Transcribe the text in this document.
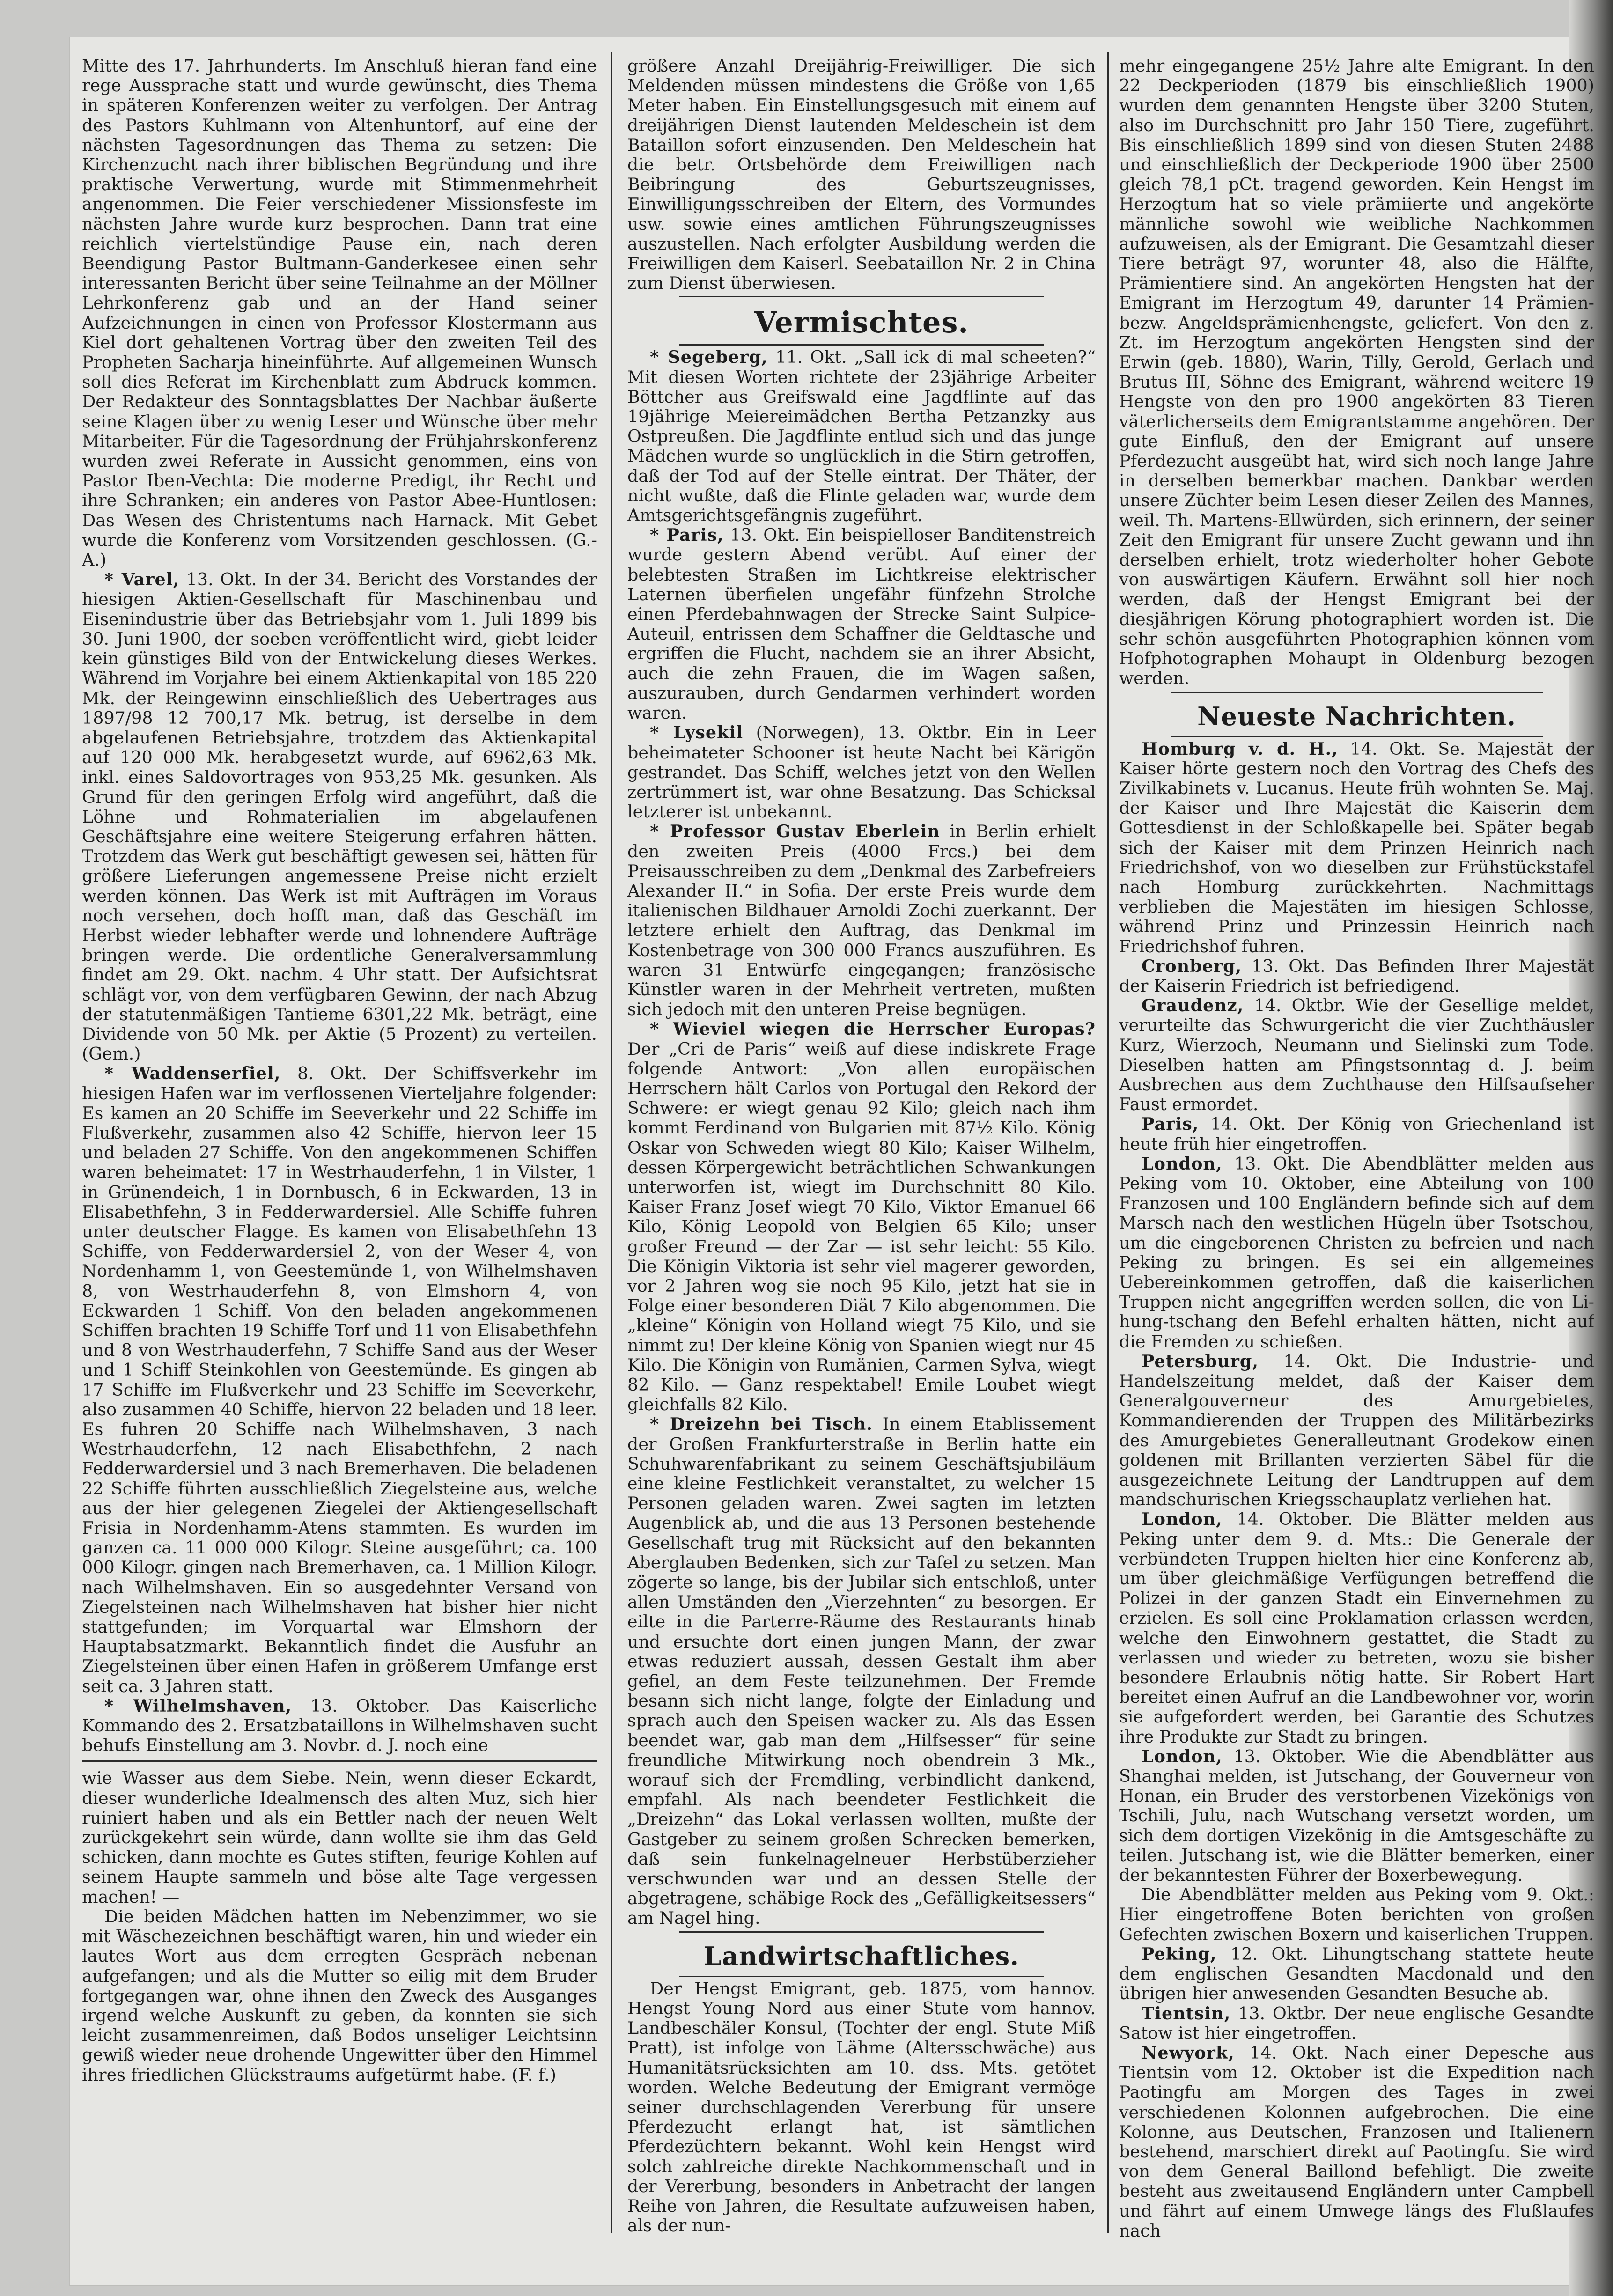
Mitte des 17. Jahrhunderts. Im Anschluß hieran fand eine rege Aussprache statt und wurde gewünscht, dies Thema in späteren Konferenzen weiter zu verfolgen. Der Antrag des Pastors Kuhlmann von Altenhuntorf, auf eine der nächsten Tagesordnungen das Thema zu setzen: Die Kirchenzucht nach ihrer biblischen Begründung und ihre praktische Verwertung, wurde mit Stimmenmehrheit angenommen. Die Feier verschiedener Missionsfeste im nächsten Jahre wurde kurz besprochen. Dann trat eine reichlich viertelstündige Pause ein, nach deren Beendigung Pastor Bultmann-Ganderkesee einen sehr interessanten Bericht über seine Teilnahme an der Möllner Lehrkonferenz gab und an der Hand seiner Aufzeichnungen in einen von Professor Klostermann aus Kiel dort gehaltenen Vortrag über den zweiten Teil des Propheten Sacharja hineinführte. Auf allgemeinen Wunsch soll dies Referat im Kirchenblatt zum Abdruck kommen. Der Redakteur des Sonntagsblattes Der Nachbar äußerte seine Klagen über zu wenig Leser und Wünsche über mehr Mitarbeiter. Für die Tagesordnung der Frühjahrskonferenz wurden zwei Referate in Aussicht genommen, eins von Pastor Iben-Vechta: Die moderne Predigt, ihr Recht und ihre Schranken; ein anderes von Pastor Abee-Huntlosen: Das Wesen des Christentums nach Harnack. Mit Gebet wurde die Konferenz vom Vorsitzenden geschlossen. (G.-A.)

* Varel, 13. Okt. In der 34. Bericht des Vorstandes der hiesigen Aktien-Gesellschaft für Maschinenbau und Eisenindustrie über das Betriebsjahr vom 1. Juli 1899 bis 30. Juni 1900, der soeben veröffentlicht wird, giebt leider kein günstiges Bild von der Entwickelung dieses Werkes. Während im Vorjahre bei einem Aktienkapital von 185 220 Mk. der Reingewinn einschließlich des Uebertrages aus 1897/98 12 700,17 Mk. betrug, ist derselbe in dem abgelaufenen Betriebsjahre, trotzdem das Aktienkapital auf 120 000 Mk. herabgesetzt wurde, auf 6962,63 Mk. inkl. eines Saldovortrages von 953,25 Mk. gesunken. Als Grund für den geringen Erfolg wird angeführt, daß die Löhne und Rohmaterialien im abgelaufenen Geschäftsjahre eine weitere Steigerung erfahren hätten. Trotzdem das Werk gut beschäftigt gewesen sei, hätten für größere Lieferungen angemessene Preise nicht erzielt werden können. Das Werk ist mit Aufträgen im Voraus noch versehen, doch hofft man, daß das Geschäft im Herbst wieder lebhafter werde und lohnendere Aufträge bringen werde. Die ordentliche Generalversammlung findet am 29. Okt. nachm. 4 Uhr statt. Der Aufsichtsrat schlägt vor, von dem verfügbaren Gewinn, der nach Abzug der statutenmäßigen Tantieme 6301,22 Mk. beträgt, eine Dividende von 50 Mk. per Aktie (5 Prozent) zu verteilen. (Gem.)

* Waddenserfiel, 8. Okt. Der Schiffsverkehr im hiesigen Hafen war im verflossenen Vierteljahre folgender: Es kamen an 20 Schiffe im Seeverkehr und 22 Schiffe im Flußverkehr, zusammen also 42 Schiffe, hiervon leer 15 und beladen 27 Schiffe. Von den angekommenen Schiffen waren beheimatet: 17 in Westrhauderfehn, 1 in Vilster, 1 in Grünendeich, 1 in Dornbusch, 6 in Eckwarden, 13 in Elisabethfehn, 3 in Fedderwardersiel. Alle Schiffe fuhren unter deutscher Flagge. Es kamen von Elisabethfehn 13 Schiffe, von Fedderwardersiel 2, von der Weser 4, von Nordenhamm 1, von Geestemünde 1, von Wilhelmshaven 8, von Westrhauderfehn 8, von Elmshorn 4, von Eckwarden 1 Schiff. Von den beladen angekommenen Schiffen brachten 19 Schiffe Torf und 11 von Elisabethfehn und 8 von Westrhauderfehn, 7 Schiffe Sand aus der Weser und 1 Schiff Steinkohlen von Geestemünde. Es gingen ab 17 Schiffe im Flußverkehr und 23 Schiffe im Seeverkehr, also zusammen 40 Schiffe, hiervon 22 beladen und 18 leer. Es fuhren 20 Schiffe nach Wilhelmshaven, 3 nach Westrhauderfehn, 12 nach Elisabethfehn, 2 nach Fedderwardersiel und 3 nach Bremerhaven. Die beladenen 22 Schiffe führten ausschließlich Ziegelsteine aus, welche aus der hier gelegenen Ziegelei der Aktiengesellschaft Frisia in Nordenhamm-Atens stammten. Es wurden im ganzen ca. 11 000 000 Kilogr. Steine ausgeführt; ca. 100 000 Kilogr. gingen nach Bremerhaven, ca. 1 Million Kilogr. nach Wilhelmshaven. Ein so ausgedehnter Versand von Ziegelsteinen nach Wilhelmshaven hat bisher hier nicht stattgefunden; im Vorquartal war Elmshorn der Hauptabsatzmarkt. Bekanntlich findet die Ausfuhr an Ziegelsteinen über einen Hafen in größerem Umfange erst seit ca. 3 Jahren statt.

* Wilhelmshaven, 13. Oktober. Das Kaiserliche Kommando des 2. Ersatzbataillons in Wilhelmshaven sucht behufs Einstellung am 3. Novbr. d. J. noch eine

wie Wasser aus dem Siebe. Nein, wenn dieser Eckardt, dieser wunderliche Idealmensch des alten Muz, sich hier ruiniert haben und als ein Bettler nach der neuen Welt zurückgekehrt sein würde, dann wollte sie ihm das Geld schicken, dann mochte es Gutes stiften, feurige Kohlen auf seinem Haupte sammeln und böse alte Tage vergessen machen! —

Die beiden Mädchen hatten im Nebenzimmer, wo sie mit Wäschezeichnen beschäftigt waren, hin und wieder ein lautes Wort aus dem erregten Gespräch nebenan aufgefangen; und als die Mutter so eilig mit dem Bruder fortgegangen war, ohne ihnen den Zweck des Ausganges irgend welche Auskunft zu geben, da konnten sie sich leicht zusammenreimen, daß Bodos unseliger Leichtsinn gewiß wieder neue drohende Ungewitter über den Himmel ihres friedlichen Glückstraums aufgetürmt habe. (F. f.)

größere Anzahl Dreijährig-Freiwilliger. Die sich Meldenden müssen mindestens die Größe von 1,65 Meter haben. Ein Einstellungsgesuch mit einem auf dreijährigen Dienst lautenden Meldeschein ist dem Bataillon sofort einzusenden. Den Meldeschein hat die betr. Ortsbehörde dem Freiwilligen nach Beibringung des Geburtszeugnisses, Einwilligungsschreiben der Eltern, des Vormundes usw. sowie eines amtlichen Führungszeugnisses auszustellen. Nach erfolgter Ausbildung werden die Freiwilligen dem Kaiserl. Seebataillon Nr. 2 in China zum Dienst überwiesen.

Vermischtes.

* Segeberg, 11. Okt. „Sall ick di mal scheeten?“ Mit diesen Worten richtete der 23jährige Arbeiter Böttcher aus Greifswald eine Jagdflinte auf das 19jährige Meiereimädchen Bertha Petzanzky aus Ostpreußen. Die Jagdflinte entlud sich und das junge Mädchen wurde so unglücklich in die Stirn getroffen, daß der Tod auf der Stelle eintrat. Der Thäter, der nicht wußte, daß die Flinte geladen war, wurde dem Amtsgerichtsgefängnis zugeführt.

* Paris, 13. Okt. Ein beispielloser Banditenstreich wurde gestern Abend verübt. Auf einer der belebtesten Straßen im Lichtkreise elektrischer Laternen überfielen ungefähr fünfzehn Strolche einen Pferdebahnwagen der Strecke Saint Sulpice-Auteuil, entrissen dem Schaffner die Geldtasche und ergriffen die Flucht, nachdem sie an ihrer Absicht, auch die zehn Frauen, die im Wagen saßen, auszurauben, durch Gendarmen verhindert worden waren.

* Lysekil (Norwegen), 13. Oktbr. Ein in Leer beheimateter Schooner ist heute Nacht bei Kärigön gestrandet. Das Schiff, welches jetzt von den Wellen zertrümmert ist, war ohne Besatzung. Das Schicksal letzterer ist unbekannt.

* Professor Gustav Eberlein in Berlin erhielt den zweiten Preis (4000 Frcs.) bei dem Preisausschreiben zu dem „Denkmal des Zarbefreiers Alexander II.“ in Sofia. Der erste Preis wurde dem italienischen Bildhauer Arnoldi Zochi zuerkannt. Der letztere erhielt den Auftrag, das Denkmal im Kostenbetrage von 300 000 Francs auszuführen. Es waren 31 Entwürfe eingegangen; französische Künstler waren in der Mehrheit vertreten, mußten sich jedoch mit den unteren Preise begnügen.

* Wieviel wiegen die Herrscher Europas? Der „Cri de Paris“ weiß auf diese indiskrete Frage folgende Antwort: „Von allen europäischen Herrschern hält Carlos von Portugal den Rekord der Schwere: er wiegt genau 92 Kilo; gleich nach ihm kommt Ferdinand von Bulgarien mit 87½ Kilo. König Oskar von Schweden wiegt 80 Kilo; Kaiser Wilhelm, dessen Körpergewicht beträchtlichen Schwankungen unterworfen ist, wiegt im Durchschnitt 80 Kilo. Kaiser Franz Josef wiegt 70 Kilo, Viktor Emanuel 66 Kilo, König Leopold von Belgien 65 Kilo; unser großer Freund — der Zar — ist sehr leicht: 55 Kilo. Die Königin Viktoria ist sehr viel magerer geworden, vor 2 Jahren wog sie noch 95 Kilo, jetzt hat sie in Folge einer besonderen Diät 7 Kilo abgenommen. Die „kleine“ Königin von Holland wiegt 75 Kilo, und sie nimmt zu! Der kleine König von Spanien wiegt nur 45 Kilo. Die Königin von Rumänien, Carmen Sylva, wiegt 82 Kilo. — Ganz respektabel! Emile Loubet wiegt gleichfalls 82 Kilo.

* Dreizehn bei Tisch. In einem Etablissement der Großen Frankfurterstraße in Berlin hatte ein Schuhwarenfabrikant zu seinem Geschäftsjubiläum eine kleine Festlichkeit veranstaltet, zu welcher 15 Personen geladen waren. Zwei sagten im letzten Augenblick ab, und die aus 13 Personen bestehende Gesellschaft trug mit Rücksicht auf den bekannten Aberglauben Bedenken, sich zur Tafel zu setzen. Man zögerte so lange, bis der Jubilar sich entschloß, unter allen Umständen den „Vierzehnten“ zu besorgen. Er eilte in die Parterre-Räume des Restaurants hinab und ersuchte dort einen jungen Mann, der zwar etwas reduziert aussah, dessen Gestalt ihm aber gefiel, an dem Feste teilzunehmen. Der Fremde besann sich nicht lange, folgte der Einladung und sprach auch den Speisen wacker zu. Als das Essen beendet war, gab man dem „Hilfsesser“ für seine freundliche Mitwirkung noch obendrein 3 Mk., worauf sich der Fremdling, verbindlicht dankend, empfahl. Als nach beendeter Festlichkeit die „Dreizehn“ das Lokal verlassen wollten, mußte der Gastgeber zu seinem großen Schrecken bemerken, daß sein funkelnagelneuer Herbstüberzieher verschwunden war und an dessen Stelle der abgetragene, schäbige Rock des „Gefälligkeitsessers“ am Nagel hing.

Landwirtschaftliches.

Der Hengst Emigrant, geb. 1875, vom hannov. Hengst Young Nord aus einer Stute vom hannov. Landbeschäler Konsul, (Tochter der engl. Stute Miß Pratt), ist infolge von Lähme (Altersschwäche) aus Humanitätsrücksichten am 10. dss. Mts. getötet worden. Welche Bedeutung der Emigrant vermöge seiner durchschlagenden Vererbung für unsere Pferdezucht erlangt hat, ist sämtlichen Pferdezüchtern bekannt. Wohl kein Hengst wird solch zahlreiche direkte Nachkommenschaft und in der Vererbung, besonders in Anbetracht der langen Reihe von Jahren, die Resultate aufzuweisen haben, als der nun-

mehr eingegangene 25½ Jahre alte Emigrant. In den 22 Deckperioden (1879 bis einschließlich 1900) wurden dem genannten Hengste über 3200 Stuten, also im Durchschnitt pro Jahr 150 Tiere, zugeführt. Bis einschließlich 1899 sind von diesen Stuten 2488 und einschließlich der Deckperiode 1900 über 2500 gleich 78,1 pCt. tragend geworden. Kein Hengst im Herzogtum hat so viele prämiierte und angekörte männliche sowohl wie weibliche Nachkommen aufzuweisen, als der Emigrant. Die Gesamtzahl dieser Tiere beträgt 97, worunter 48, also die Hälfte, Prämientiere sind. An angekörten Hengsten hat der Emigrant im Herzogtum 49, darunter 14 Prämien- bezw. Angeldsprämienhengste, geliefert. Von den z. Zt. im Herzogtum angekörten Hengsten sind der Erwin (geb. 1880), Warin, Tilly, Gerold, Gerlach und Brutus III, Söhne des Emigrant, während weitere 19 Hengste von den pro 1900 angekörten 83 Tieren väterlicherseits dem Emigrantstamme angehören. Der gute Einfluß, den der Emigrant auf unsere Pferdezucht ausgeübt hat, wird sich noch lange Jahre in derselben bemerkbar machen. Dankbar werden unsere Züchter beim Lesen dieser Zeilen des Mannes, weil. Th. Martens-Ellwürden, sich erinnern, der seiner Zeit den Emigrant für unsere Zucht gewann und ihn derselben erhielt, trotz wiederholter hoher Gebote von auswärtigen Käufern. Erwähnt soll hier noch werden, daß der Hengst Emigrant bei der diesjährigen Körung photographiert worden ist. Die sehr schön ausgeführten Photographien können vom Hofphotographen Mohaupt in Oldenburg bezogen werden.

Neueste Nachrichten.

Homburg v. d. H., 14. Okt. Se. Majestät der Kaiser hörte gestern noch den Vortrag des Chefs des Zivilkabinets v. Lucanus. Heute früh wohnten Se. Maj. der Kaiser und Ihre Majestät die Kaiserin dem Gottesdienst in der Schloßkapelle bei. Später begab sich der Kaiser mit dem Prinzen Heinrich nach Friedrichshof, von wo dieselben zur Frühstückstafel nach Homburg zurückkehrten. Nachmittags verblieben die Majestäten im hiesigen Schlosse, während Prinz und Prinzessin Heinrich nach Friedrichshof fuhren.

Cronberg, 13. Okt. Das Befinden Ihrer Majestät der Kaiserin Friedrich ist befriedigend.

Graudenz, 14. Oktbr. Wie der Gesellige meldet, verurteilte das Schwurgericht die vier Zuchthäusler Kurz, Wierzoch, Neumann und Sielinski zum Tode. Dieselben hatten am Pfingstsonntag d. J. beim Ausbrechen aus dem Zuchthause den Hilfsaufseher Faust ermordet.

Paris, 14. Okt. Der König von Griechenland ist heute früh hier eingetroffen.

London, 13. Okt. Die Abendblätter melden aus Peking vom 10. Oktober, eine Abteilung von 100 Franzosen und 100 Engländern befinde sich auf dem Marsch nach den westlichen Hügeln über Tsotschou, um die eingeborenen Christen zu befreien und nach Peking zu bringen. Es sei ein allgemeines Uebereinkommen getroffen, daß die kaiserlichen Truppen nicht angegriffen werden sollen, die von Li-hung-tschang den Befehl erhalten hätten, nicht auf die Fremden zu schießen.

Petersburg, 14. Okt. Die Industrie- und Handelszeitung meldet, daß der Kaiser dem Generalgouverneur des Amurgebietes, Kommandierenden der Truppen des Militärbezirks des Amurgebietes Generalleutnant Grodekow einen goldenen mit Brillanten verzierten Säbel für die ausgezeichnete Leitung der Landtruppen auf dem mandschurischen Kriegsschauplatz verliehen hat.

London, 14. Oktober. Die Blätter melden aus Peking unter dem 9. d. Mts.: Die Generale der verbündeten Truppen hielten hier eine Konferenz ab, um über gleichmäßige Verfügungen betreffend die Polizei in der ganzen Stadt ein Einvernehmen zu erzielen. Es soll eine Proklamation erlassen werden, welche den Einwohnern gestattet, die Stadt zu verlassen und wieder zu betreten, wozu sie bisher besondere Erlaubnis nötig hatte. Sir Robert Hart bereitet einen Aufruf an die Landbewohner vor, worin sie aufgefordert werden, bei Garantie des Schutzes ihre Produkte zur Stadt zu bringen.

London, 13. Oktober. Wie die Abendblätter aus Shanghai melden, ist Jutschang, der Gouverneur von Honan, ein Bruder des verstorbenen Vizekönigs von Tschili, Julu, nach Wutschang versetzt worden, um sich dem dortigen Vizekönig in die Amtsgeschäfte zu teilen. Jutschang ist, wie die Blätter bemerken, einer der bekanntesten Führer der Boxerbewegung.

Die Abendblätter melden aus Peking vom 9. Okt.: Hier eingetroffene Boten berichten von großen Gefechten zwischen Boxern und kaiserlichen Truppen.

Peking, 12. Okt. Lihungtschang stattete heute dem englischen Gesandten Macdonald und den übrigen hier anwesenden Gesandten Besuche ab.

Tientsin, 13. Oktbr. Der neue englische Gesandte Satow ist hier eingetroffen.

Newyork, 14. Okt. Nach einer Depesche aus Tientsin vom 12. Oktober ist die Expedition nach Paotingfu am Morgen des Tages in zwei verschiedenen Kolonnen aufgebrochen. Die eine Kolonne, aus Deutschen, Franzosen und Italienern bestehend, marschiert direkt auf Paotingfu. Sie wird von dem General Baillond befehligt. Die zweite besteht aus zweitausend Engländern unter Campbell und fährt auf einem Umwege längs des Flußlaufes nach
